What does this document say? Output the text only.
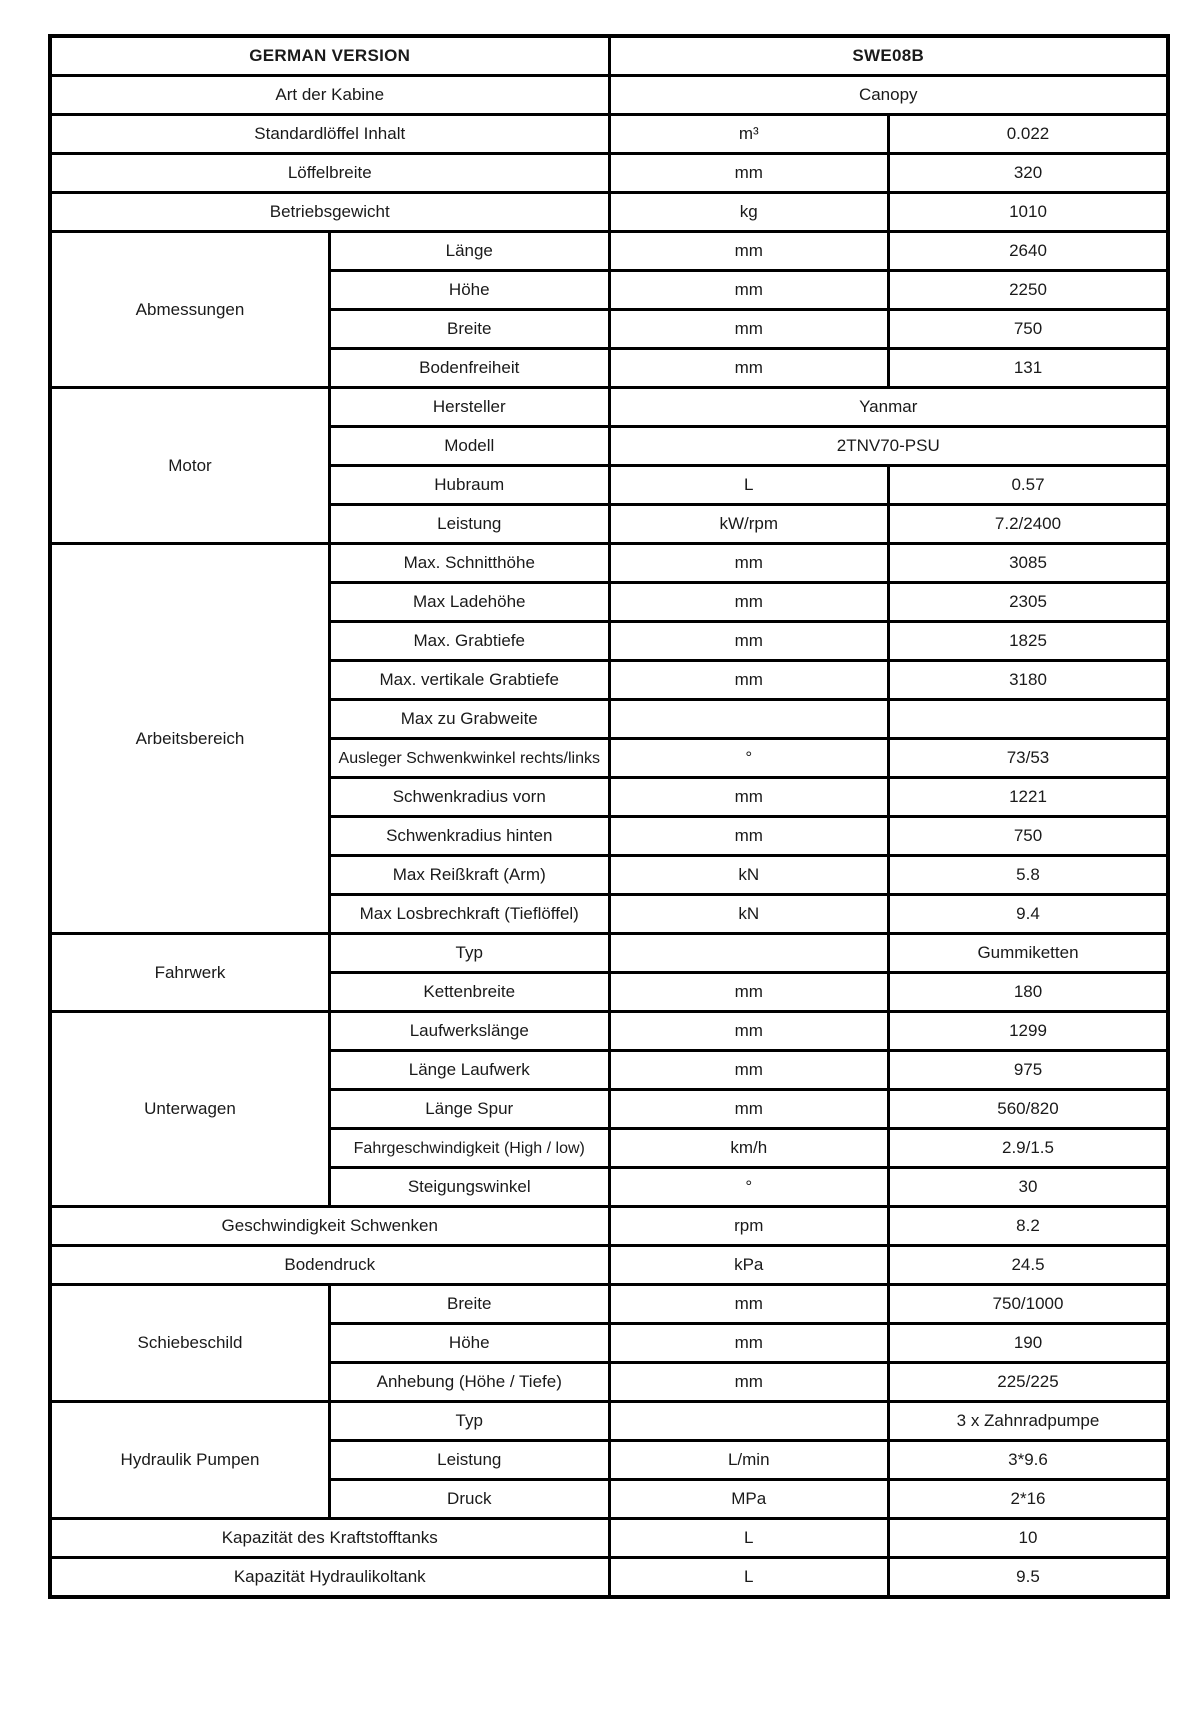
GERMAN VERSION		SWE08B	
Art der Kabine		Canopy	
Standardlöffel Inhalt		m³	0.022
Löffelbreite		mm	320
Betriebsgewicht		kg	1010
Abmessungen	Länge	mm	2640
	Höhe	mm	2250
	Breite	mm	750
	Bodenfreiheit	mm	131
Motor	Hersteller	Yanmar	
	Modell	2TNV70-PSU	
	Hubraum	L	0.57
	Leistung	kW/rpm	7.2/2400
Arbeitsbereich	Max. Schnitthöhe	mm	3085
	Max Ladehöhe	mm	2305
	Max. Grabtiefe	mm	1825
	Max. vertikale Grabtiefe	mm	3180
	Max zu Grabweite		
	Ausleger Schwenkwinkel rechts/links	°	73/53
	Schwenkradius vorn	mm	1221
	Schwenkradius hinten	mm	750
	Max Reißkraft (Arm)	kN	5.8
	Max Losbrechkraft (Tieflöffel)	kN	9.4
Fahrwerk	Typ		Gummiketten
	Kettenbreite	mm	180
Unterwagen	Laufwerkslänge	mm	1299
	Länge Laufwerk	mm	975
	Länge Spur	mm	560/820
	Fahrgeschwindigkeit (High / low)	km/h	2.9/1.5
	Steigungswinkel	°	30
Geschwindigkeit Schwenken		rpm	8.2
Bodendruck		kPa	24.5
Schiebeschild	Breite	mm	750/1000
	Höhe	mm	190
	Anhebung (Höhe / Tiefe)	mm	225/225
Hydraulik Pumpen	Typ		3 x Zahnradpumpe
	Leistung	L/min	3*9.6
	Druck	MPa	2*16
Kapazität des Kraftstofftanks		L	10
Kapazität Hydraulikoltank		L	9.5
